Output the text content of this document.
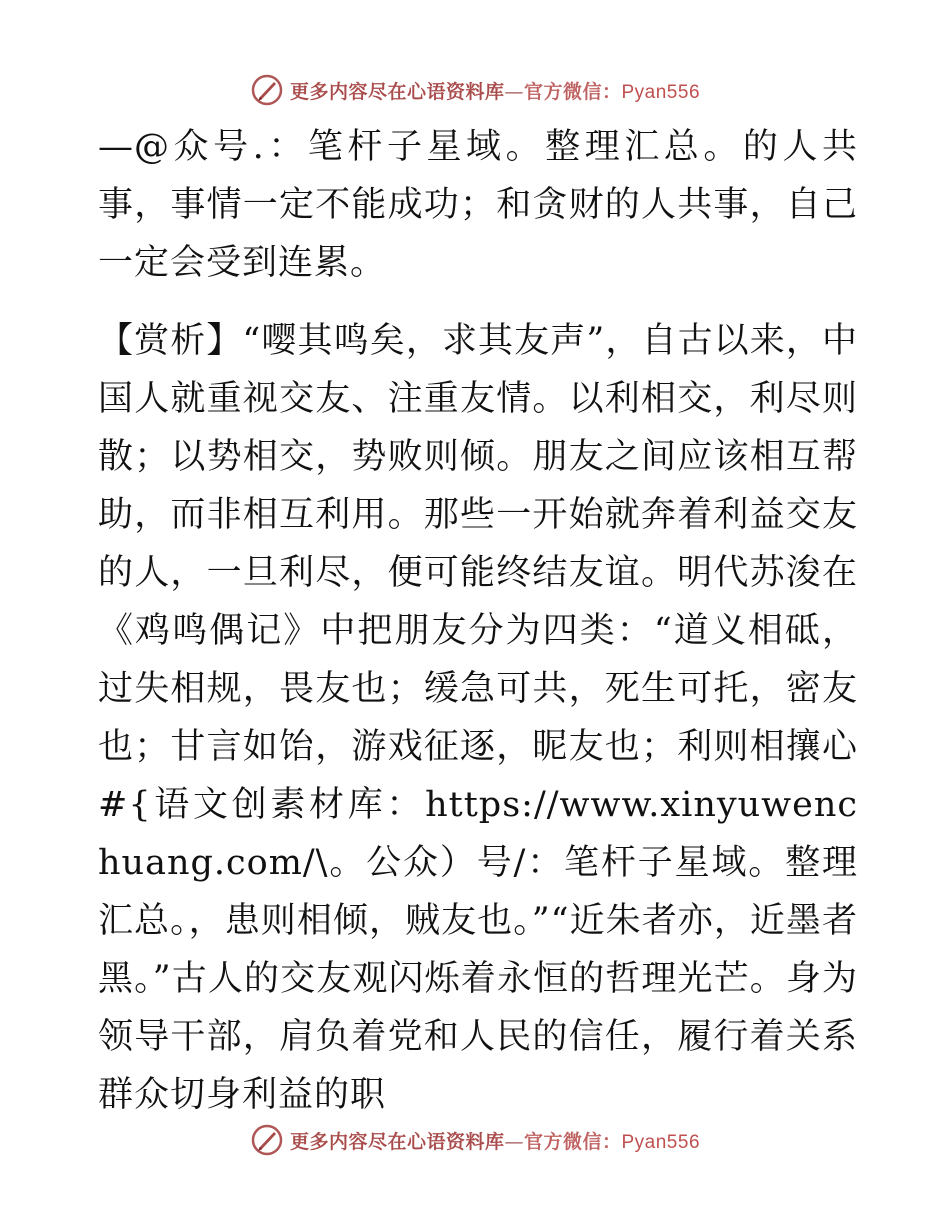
更多内容尽在心语资料库—官方微信：Pyan556

—@众号.：笔杆子星域。整理汇总。的人共事，事情一定不能成功；和贪财的人共事，自己一定会受到连累。

【赏析】“嘤其鸣矣，求其友声”，自古以来，中国人就重视交友、注重友情。以利相交，利尽则散；以势相交，势败则倾。朋友之间应该相互帮助，而非相互利用。那些一开始就奔着利益交友的人，一旦利尽，便可能终结友谊。明代苏浚在《鸡鸣偶记》中把朋友分为四类：“道义相砥，过失相规，畏友也；缓急可共，死生可托，密友也；甘言如饴，游戏征逐，昵友也；利则相攘心#{语文创素材库：https://www.xinyuwenchuang.com/\。公众）号/：笔杆子星域。整理汇总。，患则相倾，贼友也。”“近朱者亦，近墨者黑。”古人的交友观闪烁着永恒的哲理光芒。身为领导干部，肩负着党和人民的信任，履行着关系群众切身利益的职

更多内容尽在心语资料库—官方微信：Pyan556
